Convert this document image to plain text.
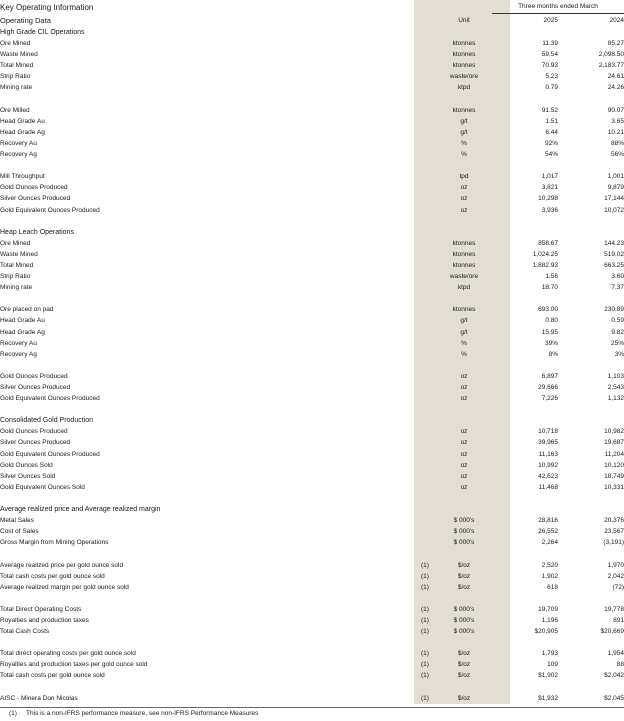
Key Operating Information		Unit	Three months ended March	
Operating Data			2025	2024
High Grade CIL Operations				
Ore Mined		ktonnes	11.39	85.27
Waste Mined		ktonnes	59.54	2,098.50
Total Mined		ktonnes	70.93	2,183.77
Strip Ratio		waste/ore	5.23	24.61
Mining rate		ktpd	0.79	24.26

Ore Milled		ktonnes	91.52	90.07
Head Grade Au		g/t	1.51	3.65
Head Grade Ag		g/t	6.44	10.21
Recovery Au		%	92%	88%
Recovery Ag		%	54%	56%

Mill Throughput		tpd	1,017	1,001
Gold Ounces Produced		oz	3,821	9,879
Silver Ounces Produced		oz	10,298	17,144
Gold Equivalent Ounces Produced		oz	3,936	10,072

Heap Leach Operations				
Ore Mined		ktonnes	858.67	144.23
Waste Mined		ktonnes	1,024.25	519.02
Total Mined		ktonnes	1,882.93	663.25
Strip Ratio		waste/ore	1.56	3.60
Mining rate		ktpd	18.70	7.37

Ore placed on pad		ktonnes	693.00	230.89
Head Grade Au		g/t	0.80	0.59
Head Grade Ag		g/t	15.95	9.82
Recovery Au		%	39%	25%
Recovery Ag		%	8%	3%

Gold Ounces Produced		oz	6,897	1,103
Silver Ounces Produced		oz	29,666	2,543
Gold Equivalent Ounces Produced		oz	7,226	1,132

Consolidated Gold Production				
Gold Ounces Produced		oz	10,718	10,982
Silver Ounces Produced		oz	39,965	19,687
Gold Equivalent Ounces Produced		oz	11,163	11,204
Gold Ounces Sold		oz	10,992	10,120
Silver Ounces Sold		oz	42,623	18,749
Gold Equivalent Ounces Sold		oz	11,468	10,331

Average realized price and Average realized margin				
Metal Sales		$ 000's	28,816	20,376
Cost of Sales		$ 000's	26,552	23,567
Gross Margin from Mining Operations		$ 000's	2,264	(3,191)

Average realized price per gold ounce sold	(1)	$/oz	2,520	1,970
Total cash costs per gold ounce sold	(1)	$/oz	1,902	2,042
Average realized margin per gold ounce sold	(1)	$/oz	618	(72)

Total Direct Operating Costs	(1)	$ 000's	19,709	19,778
Royalties and production taxes	(1)	$ 000's	1,196	891
Total Cash Costs	(1)	$ 000's	$20,905	$20,669

Total direct operating costs per gold ounce sold	(1)	$/oz	1,793	1,954
Royalties and production taxes per gold ounce sold	(1)	$/oz	109	88
Total cash costs per gold ounce sold	(1)	$/oz	$1,902	$2,042

AISC - Minera Don Nicolas	(1)	$/oz	$1,932	$2,045
(1)	This is a non-IFRS performance measure, see non-IFRS Performance Measures
